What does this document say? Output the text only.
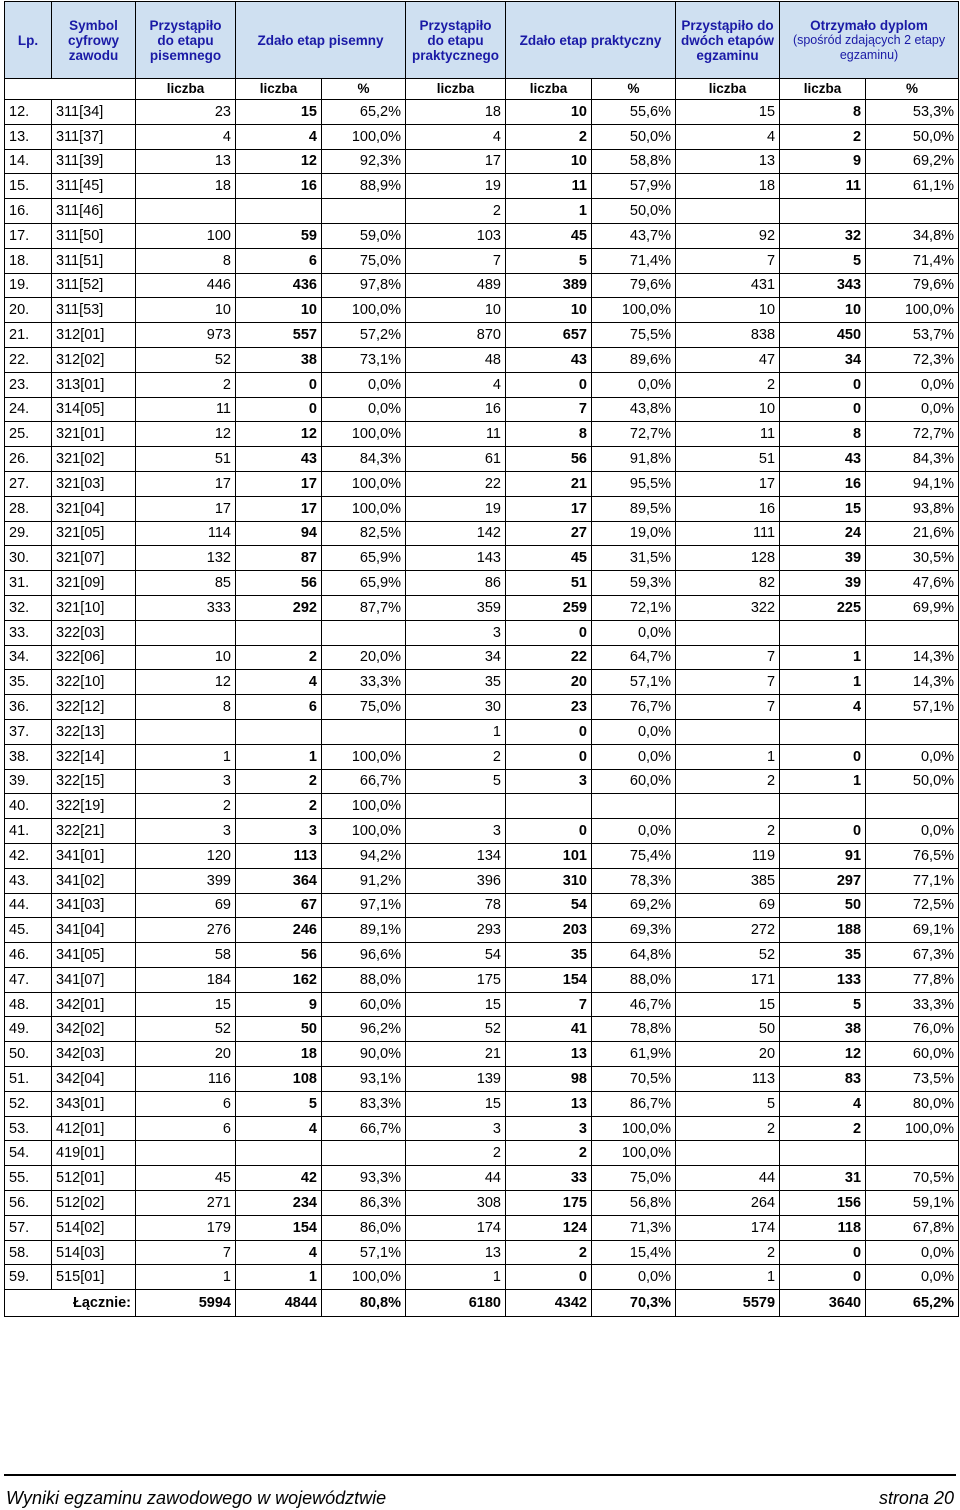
Lp.	Symbol cyfrowy zawodu	Przystąpiło do etapu pisemnego	Zdało etap pisemny		Przystąpiło do etapu praktycznego	Zdało etap praktyczny		Przystąpiło do dwóch etapów egzaminu	Otrzymało dyplom
(spośród zdających 2 etapy egzaminu)	

		liczba	liczba	%	liczba	liczba	%	liczba	liczba	%
12.	311[34]	23	15	65,2%	18	10	55,6%	15	8	53,3%
13.	311[37]	4	4	100,0%	4	2	50,0%	4	2	50,0%
14.	311[39]	13	12	92,3%	17	10	58,8%	13	9	69,2%
15.	311[45]	18	16	88,9%	19	11	57,9%	18	11	61,1%
16.	311[46]				2	1	50,0%			
17.	311[50]	100	59	59,0%	103	45	43,7%	92	32	34,8%
18.	311[51]	8	6	75,0%	7	5	71,4%	7	5	71,4%
19.	311[52]	446	436	97,8%	489	389	79,6%	431	343	79,6%
20.	311[53]	10	10	100,0%	10	10	100,0%	10	10	100,0%
21.	312[01]	973	557	57,2%	870	657	75,5%	838	450	53,7%
22.	312[02]	52	38	73,1%	48	43	89,6%	47	34	72,3%
23.	313[01]	2	0	0,0%	4	0	0,0%	2	0	0,0%
24.	314[05]	11	0	0,0%	16	7	43,8%	10	0	0,0%
25.	321[01]	12	12	100,0%	11	8	72,7%	11	8	72,7%
26.	321[02]	51	43	84,3%	61	56	91,8%	51	43	84,3%
27.	321[03]	17	17	100,0%	22	21	95,5%	17	16	94,1%
28.	321[04]	17	17	100,0%	19	17	89,5%	16	15	93,8%
29.	321[05]	114	94	82,5%	142	27	19,0%	111	24	21,6%
30.	321[07]	132	87	65,9%	143	45	31,5%	128	39	30,5%
31.	321[09]	85	56	65,9%	86	51	59,3%	82	39	47,6%
32.	321[10]	333	292	87,7%	359	259	72,1%	322	225	69,9%
33.	322[03]				3	0	0,0%			
34.	322[06]	10	2	20,0%	34	22	64,7%	7	1	14,3%
35.	322[10]	12	4	33,3%	35	20	57,1%	7	1	14,3%
36.	322[12]	8	6	75,0%	30	23	76,7%	7	4	57,1%
37.	322[13]				1	0	0,0%			
38.	322[14]	1	1	100,0%	2	0	0,0%	1	0	0,0%
39.	322[15]	3	2	66,7%	5	3	60,0%	2	1	50,0%
40.	322[19]	2	2	100,0%						
41.	322[21]	3	3	100,0%	3	0	0,0%	2	0	0,0%
42.	341[01]	120	113	94,2%	134	101	75,4%	119	91	76,5%
43.	341[02]	399	364	91,2%	396	310	78,3%	385	297	77,1%
44.	341[03]	69	67	97,1%	78	54	69,2%	69	50	72,5%
45.	341[04]	276	246	89,1%	293	203	69,3%	272	188	69,1%
46.	341[05]	58	56	96,6%	54	35	64,8%	52	35	67,3%
47.	341[07]	184	162	88,0%	175	154	88,0%	171	133	77,8%
48.	342[01]	15	9	60,0%	15	7	46,7%	15	5	33,3%
49.	342[02]	52	50	96,2%	52	41	78,8%	50	38	76,0%
50.	342[03]	20	18	90,0%	21	13	61,9%	20	12	60,0%
51.	342[04]	116	108	93,1%	139	98	70,5%	113	83	73,5%
52.	343[01]	6	5	83,3%	15	13	86,7%	5	4	80,0%
53.	412[01]	6	4	66,7%	3	3	100,0%	2	2	100,0%
54.	419[01]				2	2	100,0%			
55.	512[01]	45	42	93,3%	44	33	75,0%	44	31	70,5%
56.	512[02]	271	234	86,3%	308	175	56,8%	264	156	59,1%
57.	514[02]	179	154	86,0%	174	124	71,3%	174	118	67,8%
58.	514[03]	7	4	57,1%	13	2	15,4%	2	0	0,0%
59.	515[01]	1	1	100,0%	1	0	0,0%	1	0	0,0%
	Łącznie:	5994	4844	80,8%	6180	4342	70,3%	5579	3640	65,2%
Wyniki egzaminu zawodowego w województwie	strona 20
